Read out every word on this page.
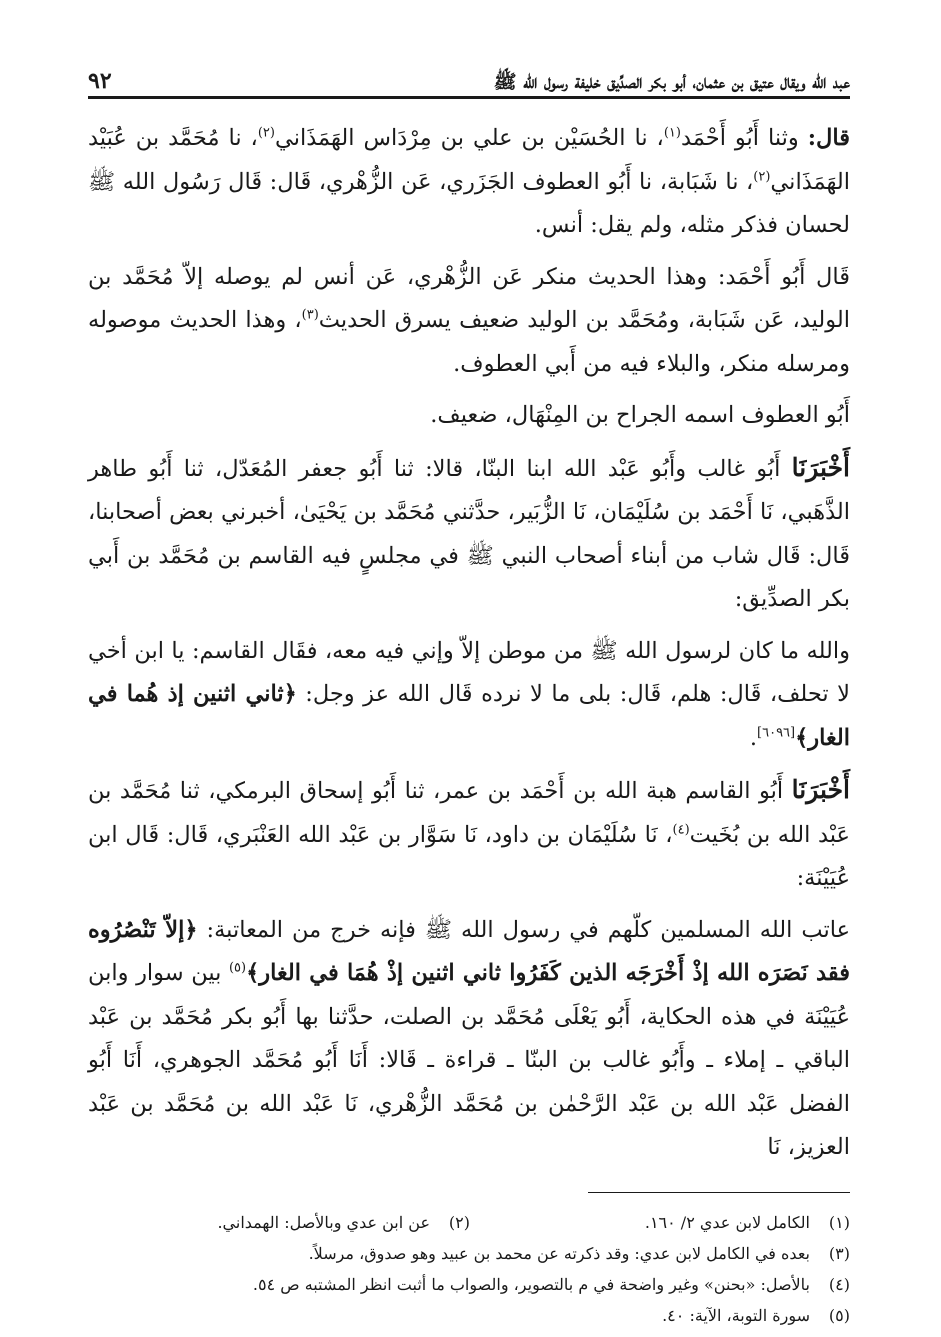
عبد الله ويقال عتيق بن عثمان، أبو بكر الصدِّيق خليفة رسول الله ﷺ
٩٢

قال: وثنا أَبُو أَحْمَد$^{(١)}$، نا الحُسَيْن بن علي بن مِرْدَاس الهَمَذَاني$^{(٢)}$، نا مُحَمَّد بن عُبَيْد الهَمَذَاني$^{(٢)}$، نا شَبَابة، نا أَبُو العطوف الجَزَري، عَن الزُّهْري، قَال: قَال رَسُول الله ﷺ لحسان فذكر مثله، ولم يقل: أنس.

قَال أَبُو أَحْمَد: وهذا الحديث منكر عَن الزُّهْري، عَن أنس لم يوصله إلاّ مُحَمَّد بن الوليد، عَن شَبَابة، ومُحَمَّد بن الوليد ضعيف يسرق الحديث$^{(٣)}$، وهذا الحديث موصوله ومرسله منكر، والبلاء فيه من أَبي العطوف.

أَبُو العطوف اسمه الجراح بن المِنْهَال، ضعيف.

أَخْبَرَنَا أَبُو غالب وأَبُو عَبْد الله ابنا البنّا، قالا: ثنا أَبُو جعفر المُعَدّل، ثنا أَبُو طاهر الذَّهَبي، نَا أَحْمَد بن سُلَيْمَان، نَا الزُّبَير، حدَّثني مُحَمَّد بن يَحْيَىٰ، أخبرني بعض أصحابنا، قَال: قَال شاب من أبناء أصحاب النبي ﷺ في مجلسٍ فيه القاسم بن مُحَمَّد بن أَبي بكر الصدِّيق:

والله ما كان لرسول الله ﷺ من موطن إلاّ وإني فيه معه، فقَال القاسم: يا ابن أخي لا تحلف، قَال: هلم، قَال: بلى ما لا نرده قَال الله عز وجل: ﴿ثاني اثنين إذ هُما في الغار﴾[٦٠٩٦].

أَخْبَرَنَا أَبُو القاسم هبة الله بن أَحْمَد بن عمر، ثنا أَبُو إسحاق البرمكي، ثنا مُحَمَّد بن عَبْد الله بن بُخَيت$^{(٤)}$، نَا سُلَيْمَان بن داود، نَا سَوَّار بن عَبْد الله العَنْبَري، قَال: قَال ابن عُيَيْنَة:

عاتب الله المسلمين كلّهم في رسول الله ﷺ فإنه خرج من المعاتبة: ﴿إلاّ تَنْصُرُوه فقد نَصَرَه الله إذْ أَخْرَجَه الذين كَفَرُوا ثاني اثنين إذْ هُمَا في الغار﴾$^{(٥)}$ بين سوار وابن عُيَيْنَة في هذه الحكاية، أَبُو يَعْلَى مُحَمَّد بن الصلت، حدَّثنا بها أَبُو بكر مُحَمَّد بن عَبْد الباقي ـ إملاء ـ وأَبُو غالب بن البنّا ـ قراءة ـ قَالا: أَنَا أَبُو مُحَمَّد الجوهري، أَنَا أَبُو الفضل عَبْد الله بن عَبْد الرَّحْمٰن بن مُحَمَّد الزُّهْري، نَا عَبْد الله بن مُحَمَّد بن عَبْد العزيز، نَا

(١)
الكامل لابن عدي ٢/ ١٦٠.
(٢)
عن ابن عدي وبالأصل: الهمداني.
(٣)
بعده في الكامل لابن عدي: وقد ذكرته عن محمد بن عبيد وهو صدوق، مرسلاً.
(٤)
بالأصل: «بحنن» وغير واضحة في م بالتصوير، والصواب ما أثبت انظر المشتبه ص ٥٤.
(٥)
سورة التوبة، الآية: ٤٠.
